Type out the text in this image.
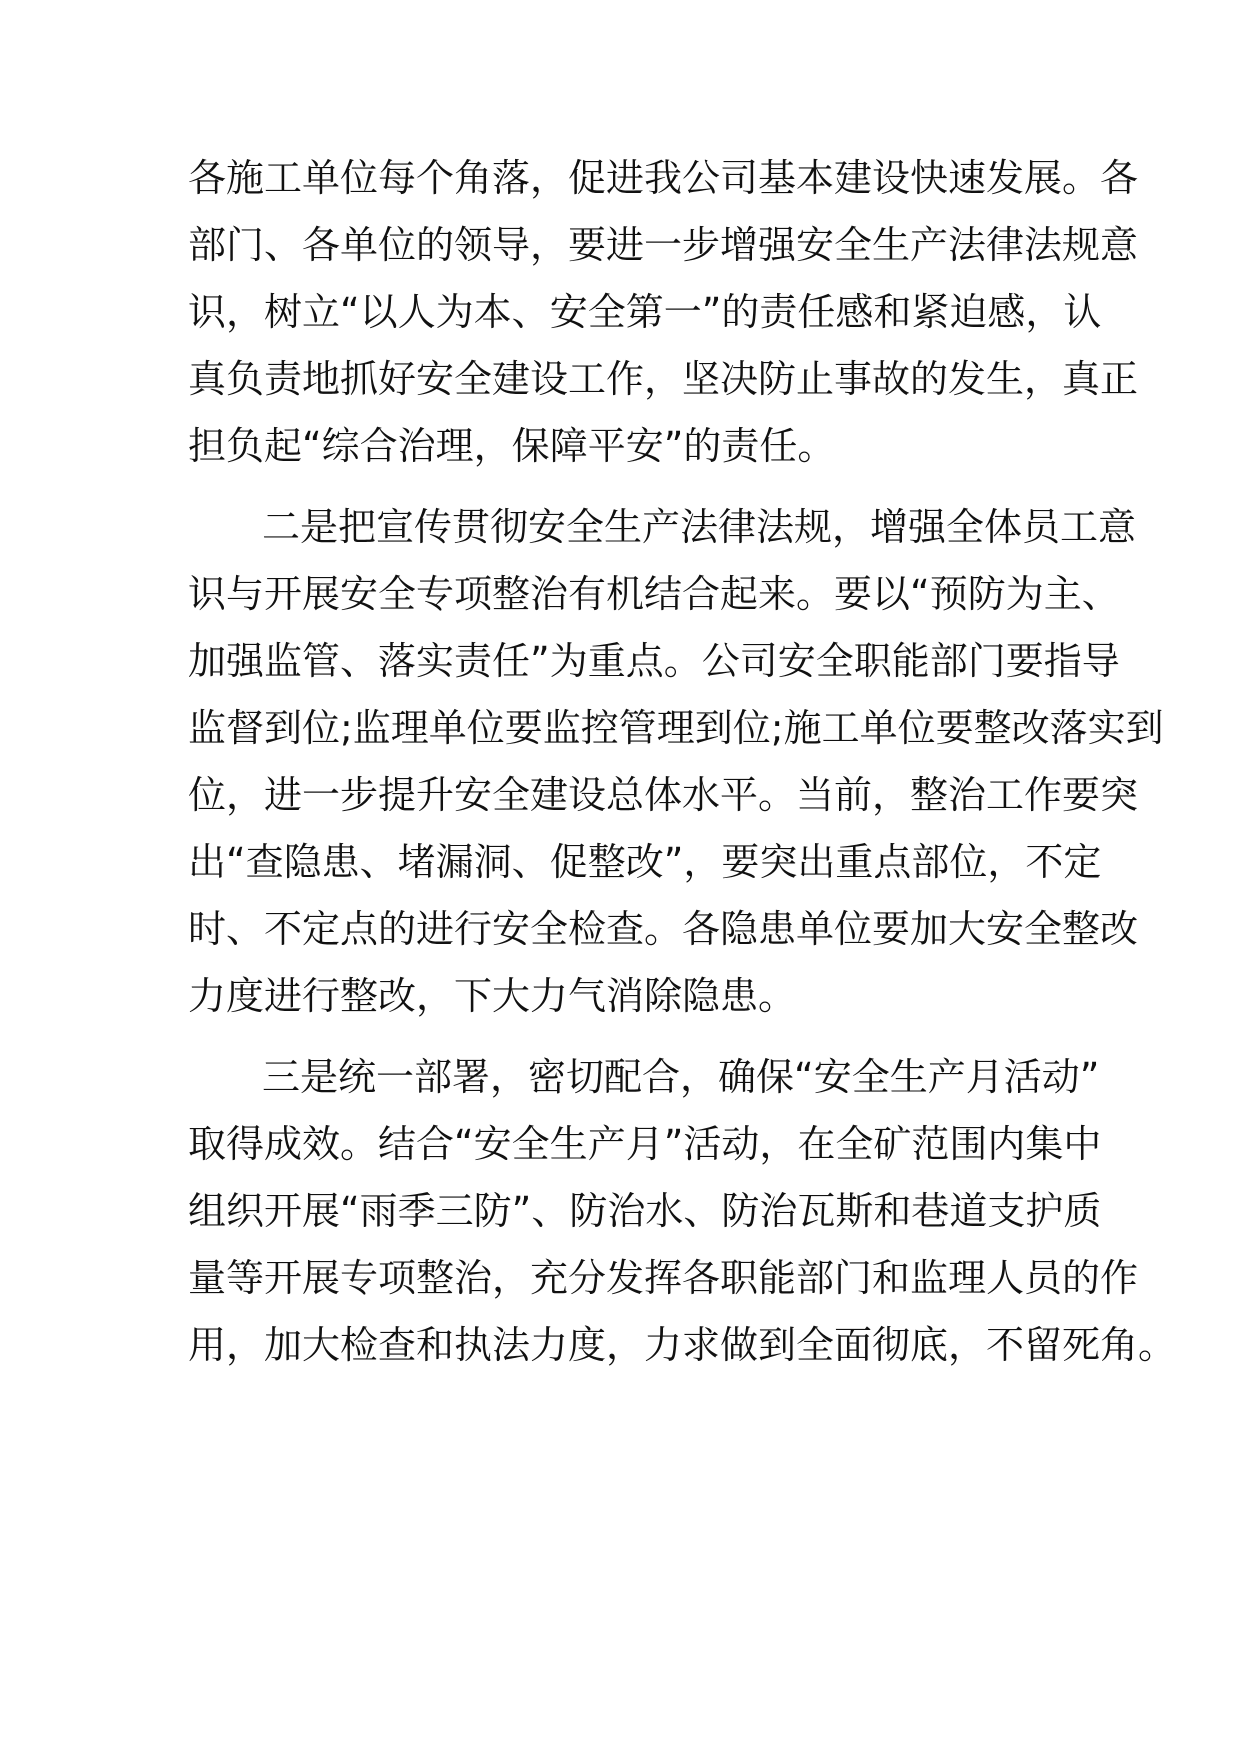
各施工单位每个角落，促进我公司基本建设快速发展。各
部门、各单位的领导，要进一步增强安全生产法律法规意
识，树立“以人为本、安全第一”的责任感和紧迫感，认
真负责地抓好安全建设工作，坚决防止事故的发生，真正
担负起“综合治理，保障平安”的责任。
二是把宣传贯彻安全生产法律法规，增强全体员工意
识与开展安全专项整治有机结合起来。要以“预防为主、
加强监管、落实责任”为重点。公司安全职能部门要指导
监督到位;监理单位要监控管理到位;施工单位要整改落实到
位，进一步提升安全建设总体水平。当前，整治工作要突
出“查隐患、堵漏洞、促整改”，要突出重点部位，不定
时、不定点的进行安全检查。各隐患单位要加大安全整改
力度进行整改，下大力气消除隐患。
三是统一部署，密切配合，确保“安全生产月活动”
取得成效。结合“安全生产月”活动，在全矿范围内集中
组织开展“雨季三防”、防治水、防治瓦斯和巷道支护质
量等开展专项整治，充分发挥各职能部门和监理人员的作
用，加大检查和执法力度，力求做到全面彻底，不留死角。
